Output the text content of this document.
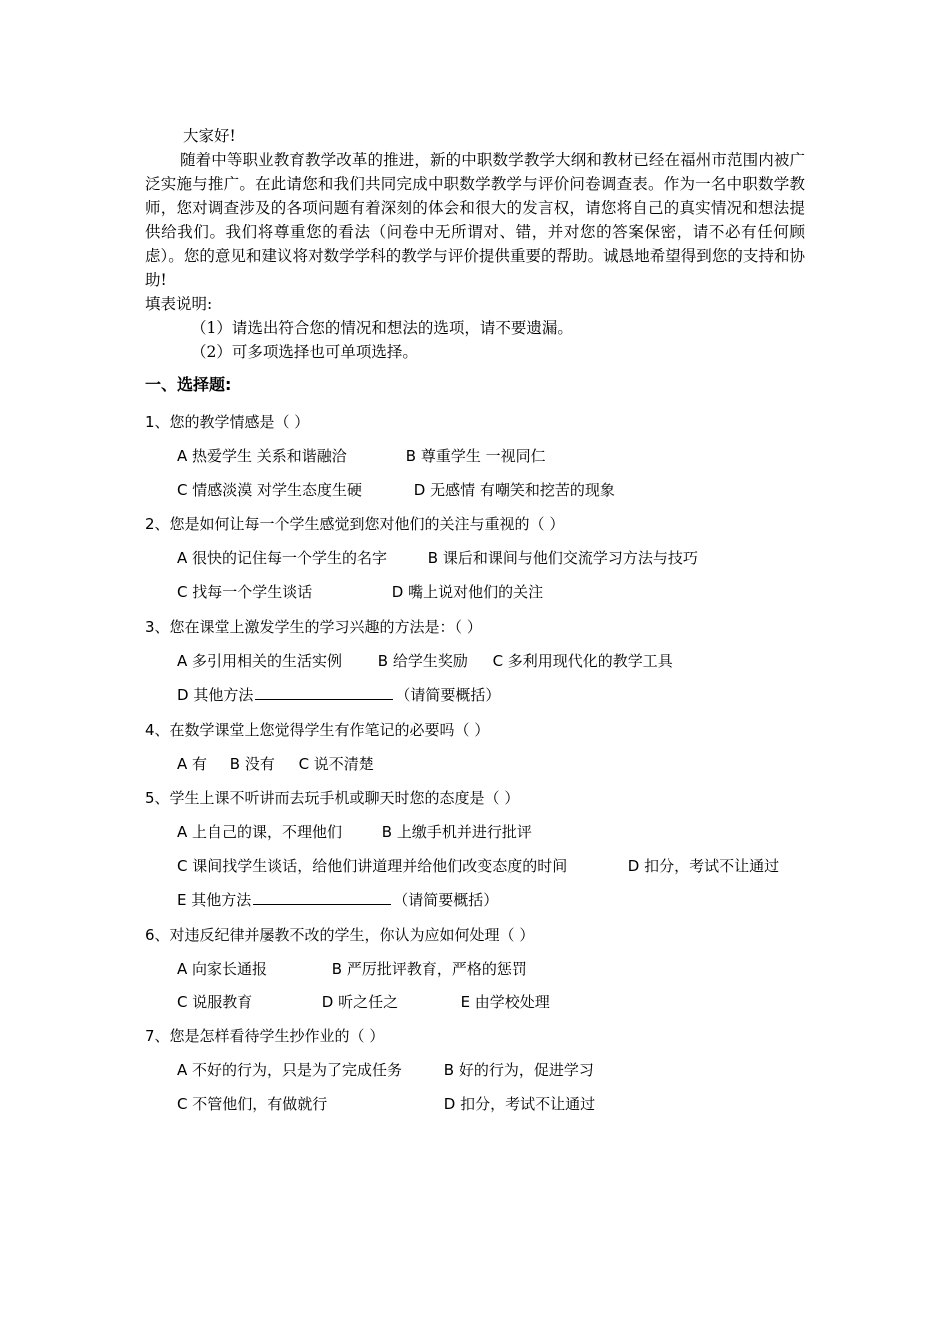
大家好!

随着中等职业教育教学改革的推进，新的中职数学教学大纲和教材已经在福州市范围内被广泛实施与推广。在此请您和我们共同完成中职数学教学与评价问卷调查表。作为一名中职数学教师，您对调查涉及的各项问题有着深刻的体会和很大的发言权，请您将自己的真实情况和想法提供给我们。我们将尊重您的看法（问卷中无所谓对、错，并对您的答案保密，请不必有任何顾虑）。您的意见和建议将对数学学科的教学与评价提供重要的帮助。诚恳地希望得到您的支持和协助!

填表说明:

（1）请选出符合您的情况和想法的选项，请不要遗漏。

（2）可多项选择也可单项选择。

一、选择题:
1、您的教学情感是（ ）
A 热爱学生 关系和谐融洽	B 尊重学生 一视同仁
C 情感淡漠 对学生态度生硬	D 无感情 有嘲笑和挖苦的现象
2、您是如何让每一个学生感觉到您对他们的关注与重视的（ ）
A 很快的记住每一个学生的名字	B 课后和课间与他们交流学习方法与技巧
C 找每一个学生谈话	D 嘴上说对他们的关注
3、您在课堂上激发学生的学习兴趣的方法是：（ ）
A 多引用相关的生活实例 B 给学生奖励 C 多利用现代化的教学工具
D 其他方法	（请简要概括）
4、在数学课堂上您觉得学生有作笔记的必要吗（ ）
A 有 B 没有 C 说不清楚
5、学生上课不听讲而去玩手机或聊天时您的态度是（ ）
A 上自己的课，不理他们	B 上缴手机并进行批评
C 课间找学生谈话，给他们讲道理并给他们改变态度的时间	D 扣分，考试不让通过
E 其他方法	（请简要概括）
6、对违反纪律并屡教不改的学生，你认为应如何处理（ ）
A 向家长通报	B 严厉批评教育，严格的惩罚
C 说服教育	D 听之任之	E 由学校处理
7、您是怎样看待学生抄作业的（ ）
A 不好的行为，只是为了完成任务	B 好的行为，促进学习
C 不管他们，有做就行	D 扣分，考试不让通过
